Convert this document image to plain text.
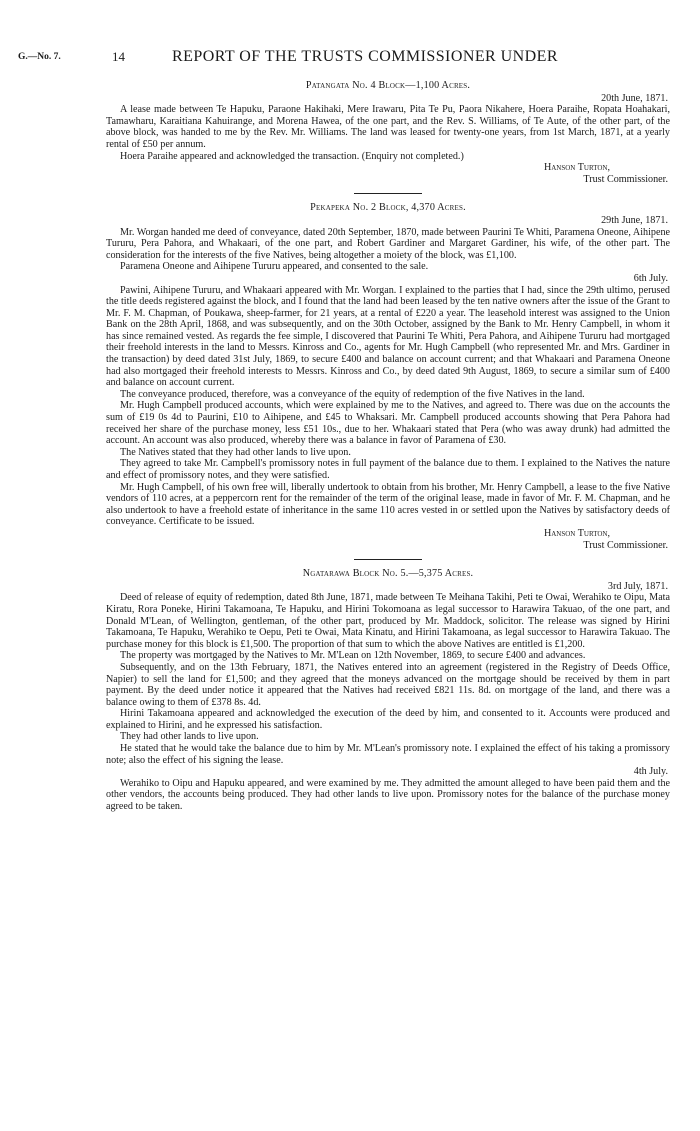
G.—No. 7.	14	REPORT OF THE TRUSTS COMMISSIONER UNDER
Patangata No. 4 Block—1,100 Acres.
20th June, 1871.

A lease made between Te Hapuku, Paraone Hakihaki, Mere Irawaru, Pita Te Pu, Paora Nikahere, Hoera Paraihe, Ropata Hoahakari, Tamawharu, Karaitiana Kahuirange, and Morena Hawea, of the one part, and the Rev. S. Williams, of Te Aute, of the other part, of the above block, was handed to me by the Rev. Mr. Williams. The land was leased for twenty-one years, from 1st March, 1871, at a yearly rental of £50 per annum.

Hoera Paraihe appeared and acknowledged the transaction. (Enquiry not completed.)

Hanson Turton,
Trust Commissioner.
Pekapeka No. 2 Block, 4,370 Acres.
29th June, 1871.

Mr. Worgan handed me deed of conveyance, dated 20th September, 1870, made between Paurini Te Whiti, Paramena Oneone, Aihipene Tururu, Pera Pahora, and Whakaari, of the one part, and Robert Gardiner and Margaret Gardiner, his wife, of the other part. The consideration for the interests of the five Natives, being altogether a moiety of the block, was £1,100.

Paramena Oneone and Aihipene Tururu appeared, and consented to the sale.

6th July.

Pawini, Aihipene Tururu, and Whakaari appeared with Mr. Worgan. I explained to the parties that I had, since the 29th ultimo, perused the title deeds registered against the block, and I found that the land had been leased by the ten native owners after the issue of the Grant to Mr. F. M. Chapman, of Poukawa, sheep-farmer, for 21 years, at a rental of £220 a year. The leasehold interest was assigned to the Union Bank on the 28th April, 1868, and was subsequently, and on the 30th October, assigned by the Bank to Mr. Henry Campbell, in whom it has since remained vested. As regards the fee simple, I discovered that Paurini Te Whiti, Pera Pahora, and Aihipene Tururu had mortgaged their freehold interests in the land to Messrs. Kinross and Co., agents for Mr. Hugh Campbell (who represented Mr. and Mrs. Gardiner in the transaction) by deed dated 31st July, 1869, to secure £400 and balance on account current; and that Whakaari and Paramena Oneone had also mortgaged their freehold interests to Messrs. Kinross and Co., by deed dated 9th August, 1869, to secure a similar sum of £400 and balance on account current.

The conveyance produced, therefore, was a conveyance of the equity of redemption of the five Natives in the land.

Mr. Hugh Campbell produced accounts, which were explained by me to the Natives, and agreed to. There was due on the accounts the sum of £19 0s 4d to Paurini, £10 to Aihipene, and £45 to Whaksari. Mr. Campbell produced accounts showing that Pera Pahora had received her share of the purchase money, less £51 10s., due to her. Whakaari stated that Pera (who was away drunk) had admitted the account. An account was also produced, whereby there was a balance in favor of Paramena of £30.

The Natives stated that they had other lands to live upon.

They agreed to take Mr. Campbell's promissory notes in full payment of the balance due to them. I explained to the Natives the nature and effect of promissory notes, and they were satisfied.

Mr. Hugh Campbell, of his own free will, liberally undertook to obtain from his brother, Mr. Henry Campbell, a lease to the five Native vendors of 110 acres, at a peppercorn rent for the remainder of the term of the original lease, made in favor of Mr. F. M. Chapman, and he also undertook to have a freehold estate of inheritance in the same 110 acres vested in or settled upon the Natives by satisfactory deeds of conveyance. Certificate to be issued.

Hanson Turton,
Trust Commissioner.
Ngatarawa Block No. 5.—5,375 Acres.
3rd July, 1871.

Deed of release of equity of redemption, dated 8th June, 1871, made between Te Meihana Takihi, Peti te Owai, Werahiko te Oipu, Mata Kiratu, Rora Poneke, Hirini Takamoana, Te Hapuku, and Hirini Tokomoana as legal successor to Harawira Takuao, of the one part, and Donald M'Lean, of Wellington, gentleman, of the other part, produced by Mr. Maddock, solicitor. The release was signed by Hirini Takamoana, Te Hapuku, Werahiko te Oepu, Peti te Owai, Mata Kinatu, and Hirini Takamoana, as legal successor to Harawira Takuao. The purchase money for this block is £1,500. The proportion of that sum to which the above Natives are entitled is £1,200.

The property was mortgaged by the Natives to Mr. M'Lean on 12th November, 1869, to secure £400 and advances.

Subsequently, and on the 13th February, 1871, the Natives entered into an agreement (registered in the Registry of Deeds Office, Napier) to sell the land for £1,500; and they agreed that the moneys advanced on the mortgage should be received by them in part payment. By the deed under notice it appeared that the Natives had received £821 11s. 8d. on mortgage of the land, and there was a balance owing to them of £378 8s. 4d.

Hirini Takamoana appeared and acknowledged the execution of the deed by him, and consented to it. Accounts were produced and explained to Hirini, and he expressed his satisfaction.

They had other lands to live upon.

He stated that he would take the balance due to him by Mr. M'Lean's promissory note. I explained the effect of his taking a promissory note; also the effect of his signing the lease.

4th July.

Werahiko to Oipu and Hapuku appeared, and were examined by me. They admitted the amount alleged to have been paid them and the other vendors, the accounts being produced. They had other lands to live upon. Promissory notes for the balance of the purchase money agreed to be taken.
